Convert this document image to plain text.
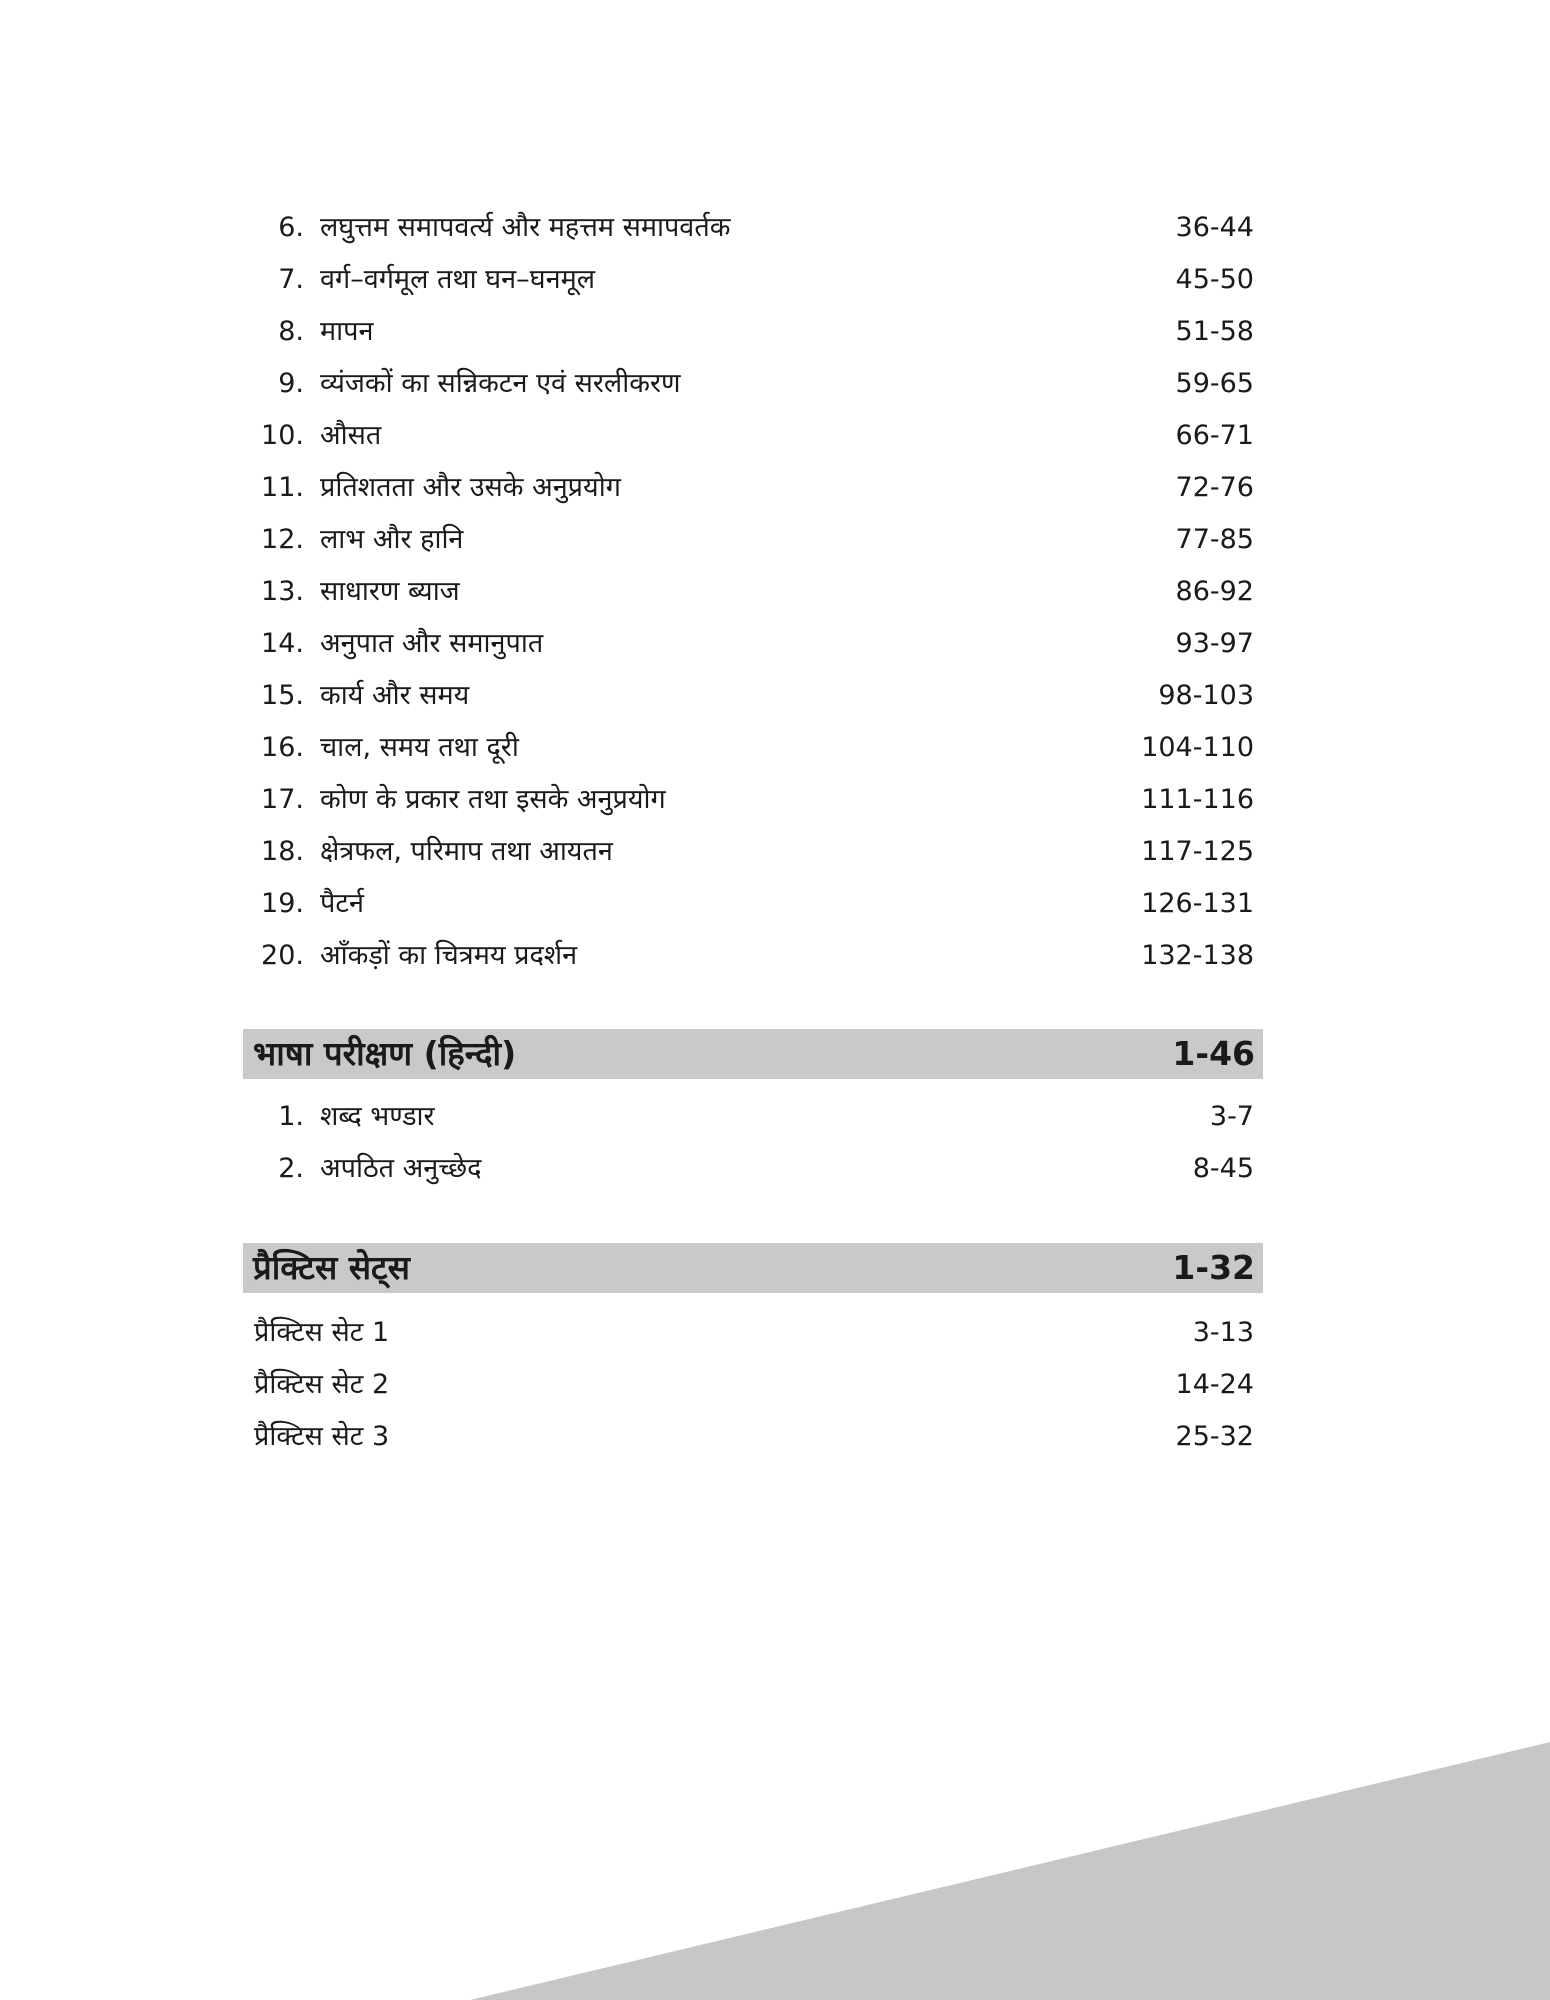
6. लघुत्तम समापवर्त्य और महत्तम समापवर्तक	36-44
7. वर्ग–वर्गमूल तथा घन–घनमूल	45-50
8. मापन	51-58
9. व्यंजकों का सन्निकटन एवं सरलीकरण	59-65
10. औसत	66-71
11. प्रतिशतता और उसके अनुप्रयोग	72-76
12. लाभ और हानि	77-85
13. साधारण ब्याज	86-92
14. अनुपात और समानुपात	93-97
15. कार्य और समय	98-103
16. चाल, समय तथा दूरी	104-110
17. कोण के प्रकार तथा इसके अनुप्रयोग	111-116
18. क्षेत्रफल, परिमाप तथा आयतन	117-125
19. पैटर्न	126-131
20. आँकड़ों का चित्रमय प्रदर्शन	132-138
भाषा परीक्षण (हिन्दी)	1-46
1. शब्द भण्डार	3-7
2. अपठित अनुच्छेद	8-45
प्रैक्टिस सेट्स	1-32
प्रैक्टिस सेट 1	3-13
प्रैक्टिस सेट 2	14-24
प्रैक्टिस सेट 3	25-32
